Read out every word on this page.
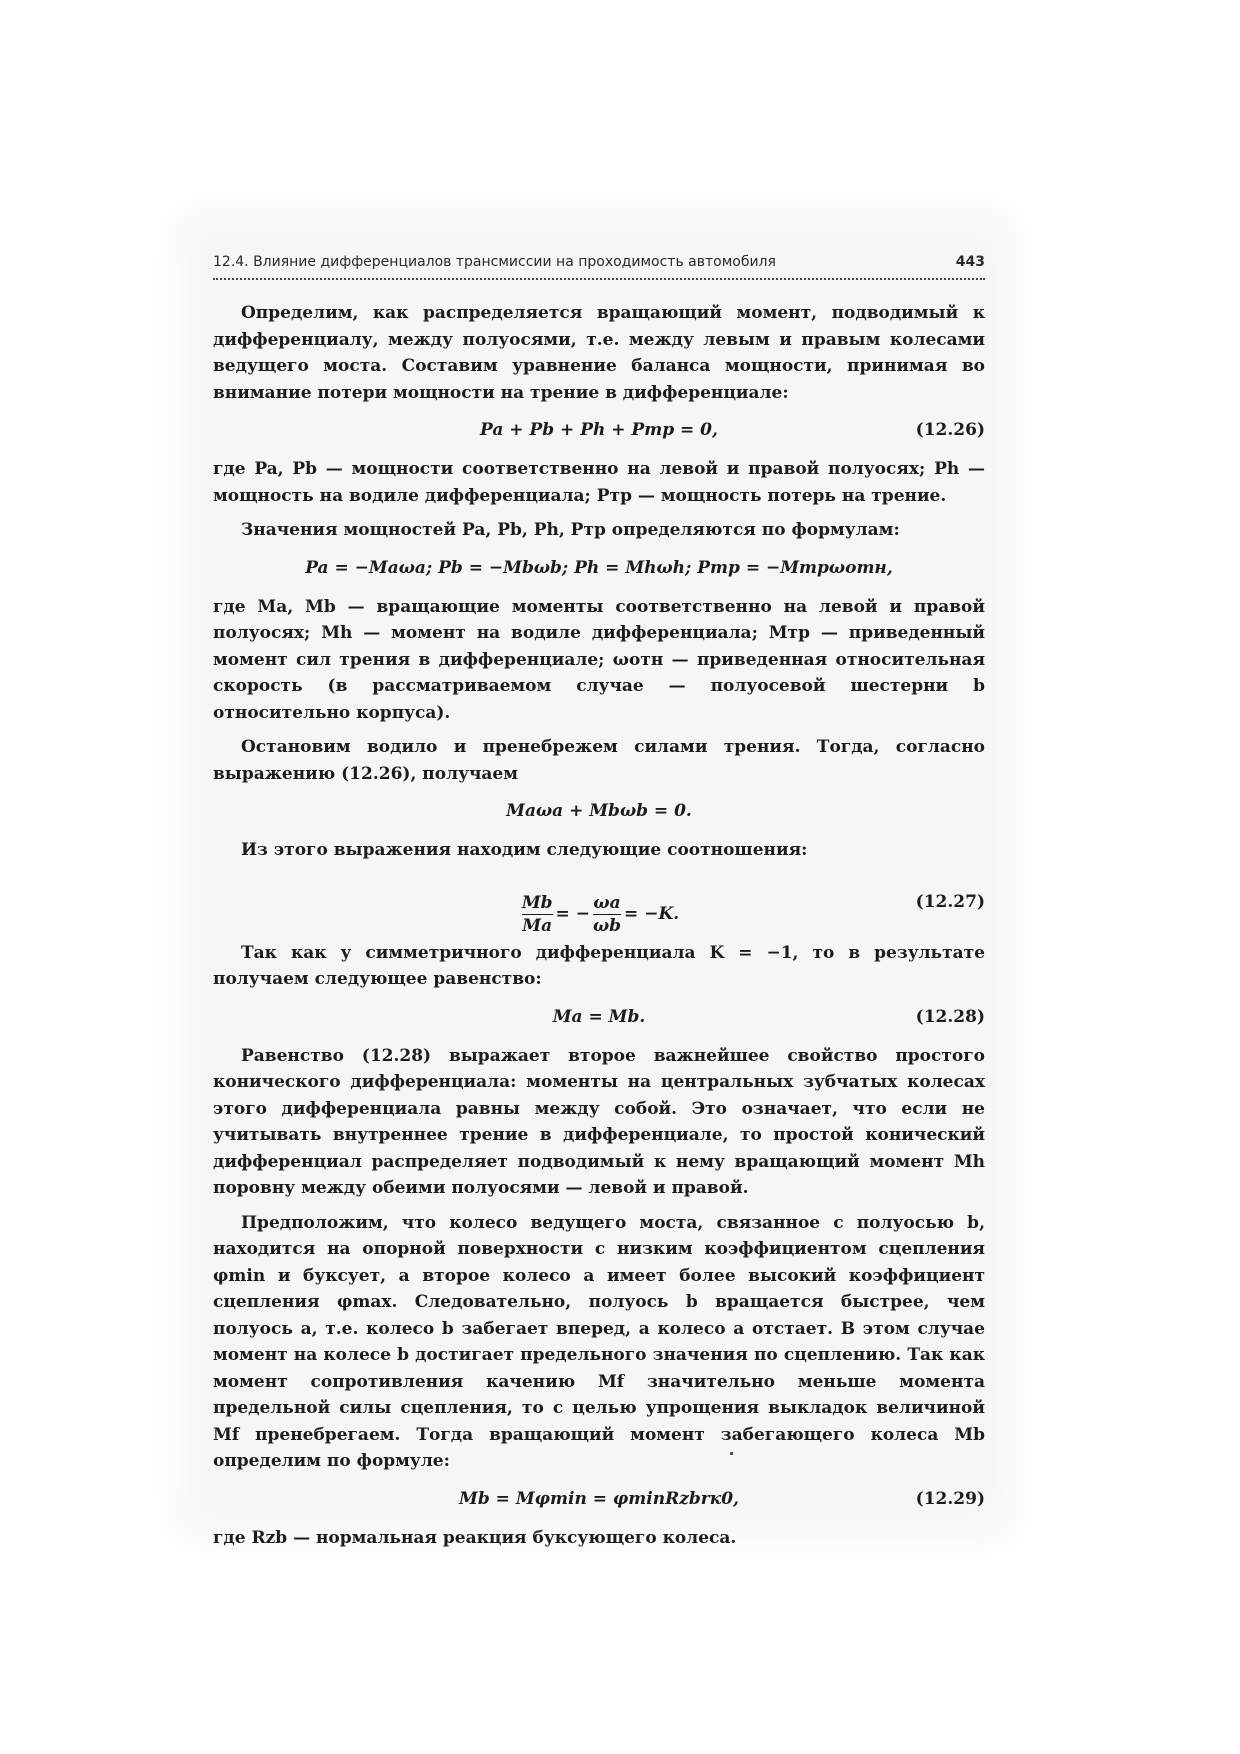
12.4. Влияние дифференциалов трансмиссии на проходимость автомобиля	443

Определим, как распределяется вращающий момент, подводимый к дифференциалу, между полуосями, т.е. между левым и правым колесами ведущего моста. Составим уравнение баланса мощности, принимая во внимание потери мощности на трение в дифференциале:

Pa + Pb + Ph + Pтр = 0,	(12.26)

где Pa, Pb — мощности соответственно на левой и правой полуосях; Ph — мощность на водиле дифференциала; Pтр — мощность потерь на трение.

Значения мощностей Pa, Pb, Ph, Pтр определяются по формулам:

Pa = −Maωa; Pb = −Mbωb; Ph = Mhωh; Pтр = −Mтрωотн,

где Ma, Mb — вращающие моменты соответственно на левой и правой полуосях; Mh — момент на водиле дифференциала; Mтр — приведенный момент сил трения в дифференциале; ωотн — приведенная относительная скорость (в рассматриваемом случае — полуосевой шестерни b относительно корпуса).

Остановим водило и пренебрежем силами трения. Тогда, согласно выражению (12.26), получаем

Maωa + Mbωb = 0.

Из этого выражения находим следующие соотношения:

$\frac{Mb}{Ma}$ = − $\frac{\omega a}{\omega b} = -K$.
(12.27)

Так как у симметричного дифференциала K = −1, то в результате получаем следующее равенство:

Ma = Mb.	(12.28)

Равенство (12.28) выражает второе важнейшее свойство простого конического дифференциала: моменты на центральных зубчатых колесах этого дифференциала равны между собой. Это означает, что если не учитывать внутреннее трение в дифференциале, то простой конический дифференциал распределяет подводимый к нему вращающий момент Mh поровну между обеими полуосями — левой и правой.

Предположим, что колесо ведущего моста, связанное с полуосью b, находится на опорной поверхности с низким коэффициентом сцепления φmin и буксует, а второе колесо a имеет более высокий коэффициент сцепления φmax. Следовательно, полуось b вращается быстрее, чем полуось a, т.е. колесо b забегает вперед, а колесо a отстает. В этом случае момент на колесе b достигает предельного значения по сцеплению. Так как момент сопротивления качению Mf значительно меньше момента предельной силы сцепления, то с целью упрощения выкладок величиной Mf пренебрегаем. Тогда вращающий момент забегающего колеса Mb определим по формуле:

Mb = Mφmin = φminRzbrк0,	(12.29)

где Rzb — нормальная реакция буксующего колеса.
